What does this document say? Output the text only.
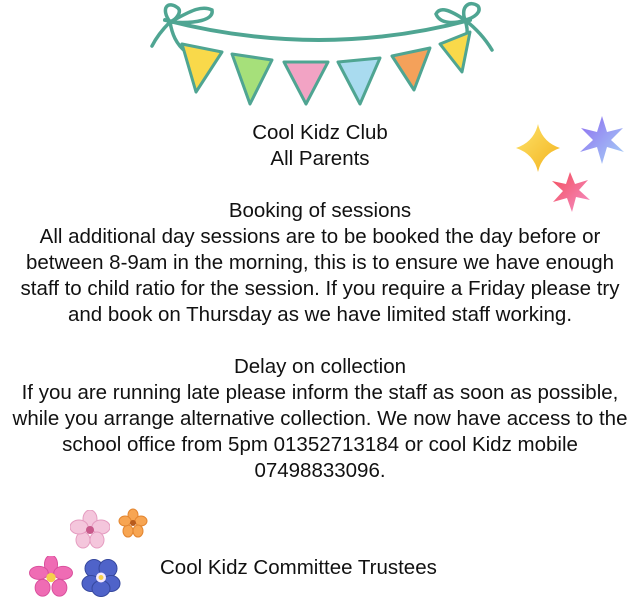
Cool Kidz Club
All Parents

Booking of sessions
All additional day sessions are to be booked the day before or between 8-9am in the morning, this is to ensure we have enough staff to child ratio for the session. If you require a Friday please try and book on Thursday as we have limited staff working.

Delay on collection
If you are running late please inform the staff as soon as possible, while you arrange alternative collection. We now have access to the school office from 5pm 01352713184 or cool Kidz mobile 07498833096.

Cool Kidz Committee Trustees
